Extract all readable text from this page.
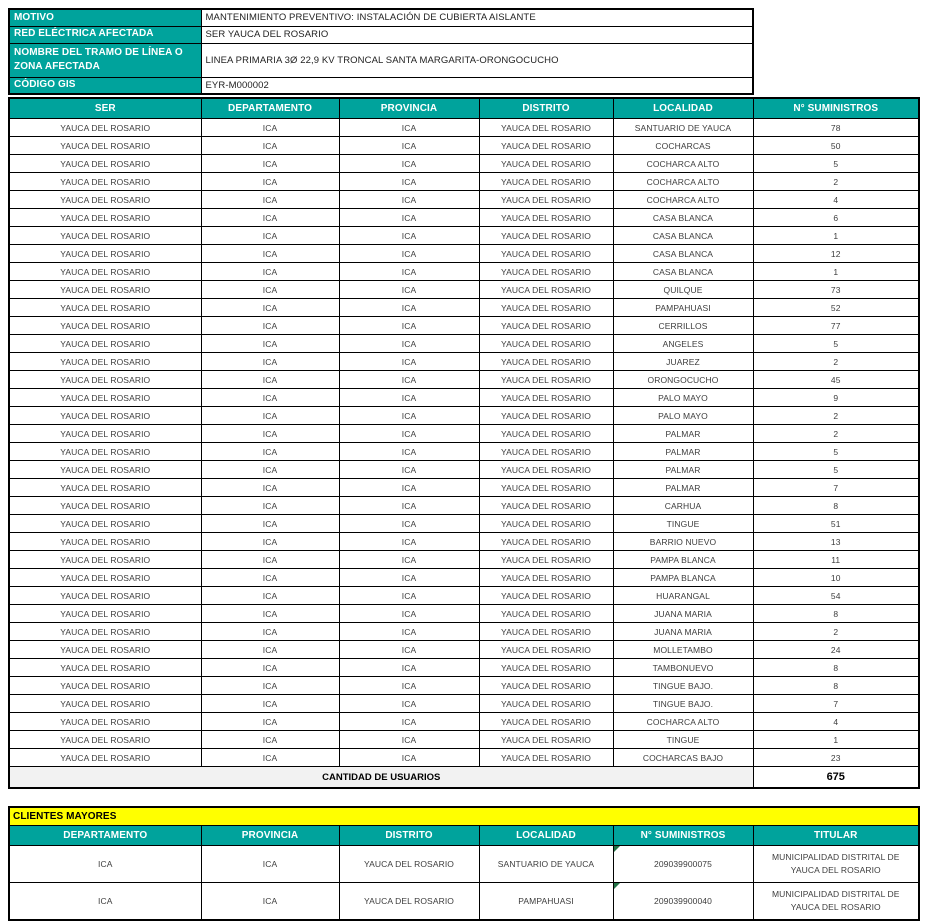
MOTIVO	MANTENIMIENTO PREVENTIVO: INSTALACIÓN DE CUBIERTA AISLANTE
RED ELÉCTRICA AFECTADA	SER YAUCA DEL ROSARIO
NOMBRE DEL TRAMO DE LÍNEA O ZONA AFECTADA	LINEA PRIMARIA 3Ø 22,9 KV TRONCAL SANTA MARGARITA-ORONGOCUCHO
CÓDIGO GIS	EYR-M000002
SER	DEPARTAMENTO	PROVINCIA	DISTRITO	LOCALIDAD	N° SUMINISTROS
YAUCA DEL ROSARIO	ICA	ICA	YAUCA DEL ROSARIO	SANTUARIO DE YAUCA	78
YAUCA DEL ROSARIO	ICA	ICA	YAUCA DEL ROSARIO	COCHARCAS	50
YAUCA DEL ROSARIO	ICA	ICA	YAUCA DEL ROSARIO	COCHARCA ALTO	5
YAUCA DEL ROSARIO	ICA	ICA	YAUCA DEL ROSARIO	COCHARCA ALTO	2
YAUCA DEL ROSARIO	ICA	ICA	YAUCA DEL ROSARIO	COCHARCA ALTO	4
YAUCA DEL ROSARIO	ICA	ICA	YAUCA DEL ROSARIO	CASA BLANCA	6
YAUCA DEL ROSARIO	ICA	ICA	YAUCA DEL ROSARIO	CASA BLANCA	1
YAUCA DEL ROSARIO	ICA	ICA	YAUCA DEL ROSARIO	CASA BLANCA	12
YAUCA DEL ROSARIO	ICA	ICA	YAUCA DEL ROSARIO	CASA BLANCA	1
YAUCA DEL ROSARIO	ICA	ICA	YAUCA DEL ROSARIO	QUILQUE	73
YAUCA DEL ROSARIO	ICA	ICA	YAUCA DEL ROSARIO	PAMPAHUASI	52
YAUCA DEL ROSARIO	ICA	ICA	YAUCA DEL ROSARIO	CERRILLOS	77
YAUCA DEL ROSARIO	ICA	ICA	YAUCA DEL ROSARIO	ANGELES	5
YAUCA DEL ROSARIO	ICA	ICA	YAUCA DEL ROSARIO	JUAREZ	2
YAUCA DEL ROSARIO	ICA	ICA	YAUCA DEL ROSARIO	ORONGOCUCHO	45
YAUCA DEL ROSARIO	ICA	ICA	YAUCA DEL ROSARIO	PALO MAYO	9
YAUCA DEL ROSARIO	ICA	ICA	YAUCA DEL ROSARIO	PALO MAYO	2
YAUCA DEL ROSARIO	ICA	ICA	YAUCA DEL ROSARIO	PALMAR	2
YAUCA DEL ROSARIO	ICA	ICA	YAUCA DEL ROSARIO	PALMAR	5
YAUCA DEL ROSARIO	ICA	ICA	YAUCA DEL ROSARIO	PALMAR	5
YAUCA DEL ROSARIO	ICA	ICA	YAUCA DEL ROSARIO	PALMAR	7
YAUCA DEL ROSARIO	ICA	ICA	YAUCA DEL ROSARIO	CARHUA	8
YAUCA DEL ROSARIO	ICA	ICA	YAUCA DEL ROSARIO	TINGUE	51
YAUCA DEL ROSARIO	ICA	ICA	YAUCA DEL ROSARIO	BARRIO NUEVO	13
YAUCA DEL ROSARIO	ICA	ICA	YAUCA DEL ROSARIO	PAMPA BLANCA	11
YAUCA DEL ROSARIO	ICA	ICA	YAUCA DEL ROSARIO	PAMPA BLANCA	10
YAUCA DEL ROSARIO	ICA	ICA	YAUCA DEL ROSARIO	HUARANGAL	54
YAUCA DEL ROSARIO	ICA	ICA	YAUCA DEL ROSARIO	JUANA MARIA	8
YAUCA DEL ROSARIO	ICA	ICA	YAUCA DEL ROSARIO	JUANA MARIA	2
YAUCA DEL ROSARIO	ICA	ICA	YAUCA DEL ROSARIO	MOLLETAMBO	24
YAUCA DEL ROSARIO	ICA	ICA	YAUCA DEL ROSARIO	TAMBONUEVO	8
YAUCA DEL ROSARIO	ICA	ICA	YAUCA DEL ROSARIO	TINGUE BAJO.	8
YAUCA DEL ROSARIO	ICA	ICA	YAUCA DEL ROSARIO	TINGUE BAJO.	7
YAUCA DEL ROSARIO	ICA	ICA	YAUCA DEL ROSARIO	COCHARCA ALTO	4
YAUCA DEL ROSARIO	ICA	ICA	YAUCA DEL ROSARIO	TINGUE	1
YAUCA DEL ROSARIO	ICA	ICA	YAUCA DEL ROSARIO	COCHARCAS BAJO	23
CANTIDAD DE USUARIOS					675
CLIENTES MAYORES					
DEPARTAMENTO	PROVINCIA	DISTRITO	LOCALIDAD	N° SUMINISTROS	TITULAR
ICA	ICA	YAUCA DEL ROSARIO	SANTUARIO DE YAUCA	209039900075	MUNICIPALIDAD DISTRITAL DE YAUCA DEL ROSARIO
ICA	ICA	YAUCA DEL ROSARIO	PAMPAHUASI	209039900040	MUNICIPALIDAD DISTRITAL DE YAUCA DEL ROSARIO
